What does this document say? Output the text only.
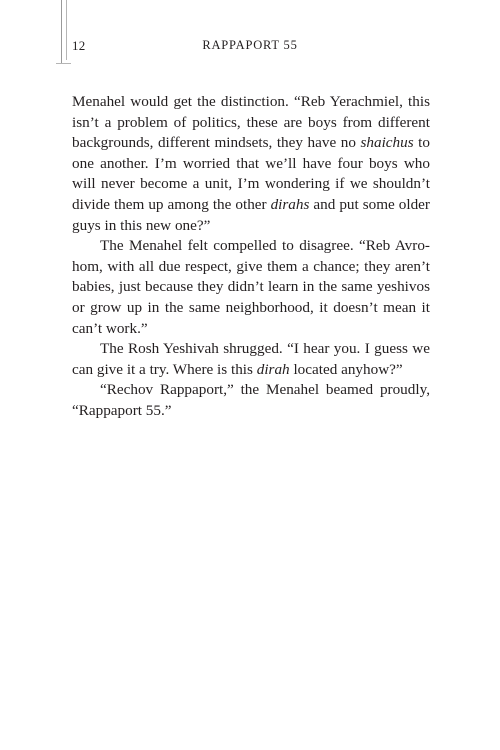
12	RAPPAPORT 55

Menahel would get the distinction. “Reb Yerachmiel, this isn’t a problem of politics, these are boys from different backgrounds, different mindsets, they have no shaichus to one another. I’m worried that we’ll have four boys who will never become a unit, I’m wondering if we shouldn’t divide them up among the other dirahs and put some older guys in this new one?”

The Menahel felt compelled to disagree. “Reb Avro-hom, with all due respect, give them a chance; they aren’t babies, just because they didn’t learn in the same yeshivos or grow up in the same neighborhood, it doesn’t mean it can’t work.”

The Rosh Yeshivah shrugged. “I hear you. I guess we can give it a try. Where is this dirah located anyhow?”

“Rechov Rappaport,” the Menahel beamed proudly, “Rappaport 55.”
